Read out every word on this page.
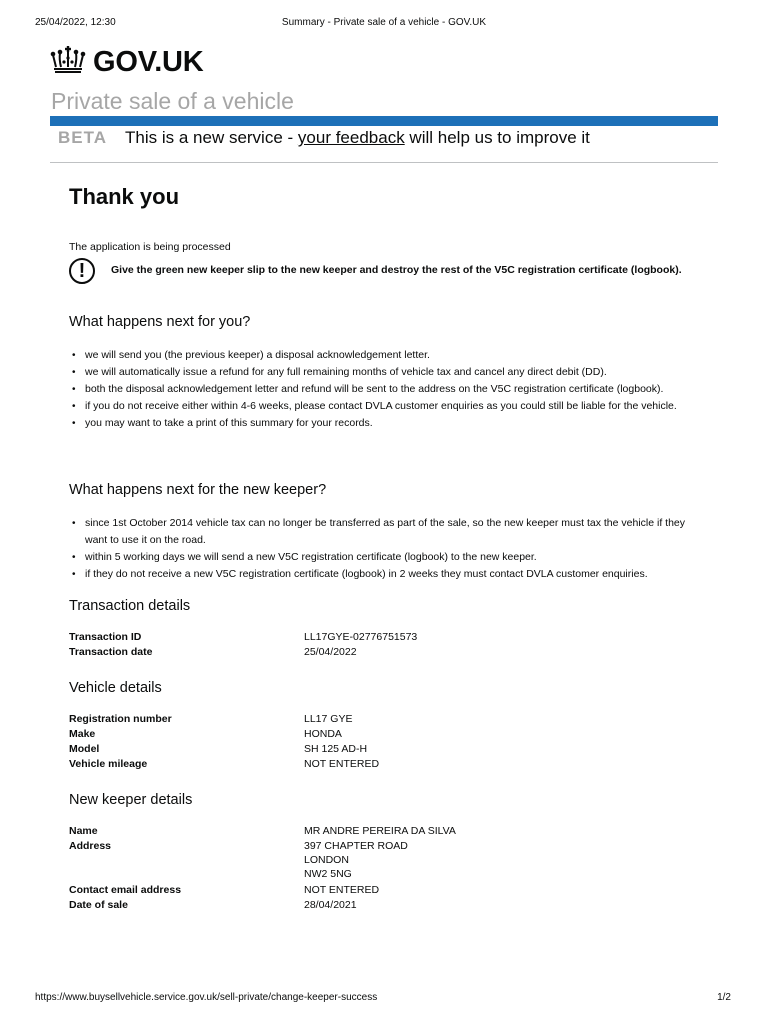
25/04/2022, 12:30	Summary - Private sale of a vehicle - GOV.UK
GOV.UK
Private sale of a vehicle
BETA This is a new service - your feedback will help us to improve it
Thank you
The application is being processed
!	Give the green new keeper slip to the new keeper and destroy the rest of the V5C registration certificate (logbook).
What happens next for you?
• we will send you (the previous keeper) a disposal acknowledgement letter.
• we will automatically issue a refund for any full remaining months of vehicle tax and cancel any direct debit (DD).
• both the disposal acknowledgement letter and refund will be sent to the address on the V5C registration certificate (logbook).
• if you do not receive either within 4-6 weeks, please contact DVLA customer enquiries as you could still be liable for the vehicle.
• you may want to take a print of this summary for your records.
What happens next for the new keeper?
• since 1st October 2014 vehicle tax can no longer be transferred as part of the sale, so the new keeper must tax the vehicle if they want to use it on the road.
• within 5 working days we will send a new V5C registration certificate (logbook) to the new keeper.
• if they do not receive a new V5C registration certificate (logbook) in 2 weeks they must contact DVLA customer enquiries.
Transaction details
Transaction ID	LL17GYE-02776751573
Transaction date	25/04/2022
Vehicle details
Registration number	LL17 GYE
Make	HONDA
Model	SH 125 AD-H
Vehicle mileage	NOT ENTERED
New keeper details
Name	MR ANDRE PEREIRA DA SILVA
Address	397 CHAPTER ROAD
LONDON
NW2 5NG
Contact email address	NOT ENTERED
Date of sale	28/04/2021
https://www.buysellvehicle.service.gov.uk/sell-private/change-keeper-success	1/2
